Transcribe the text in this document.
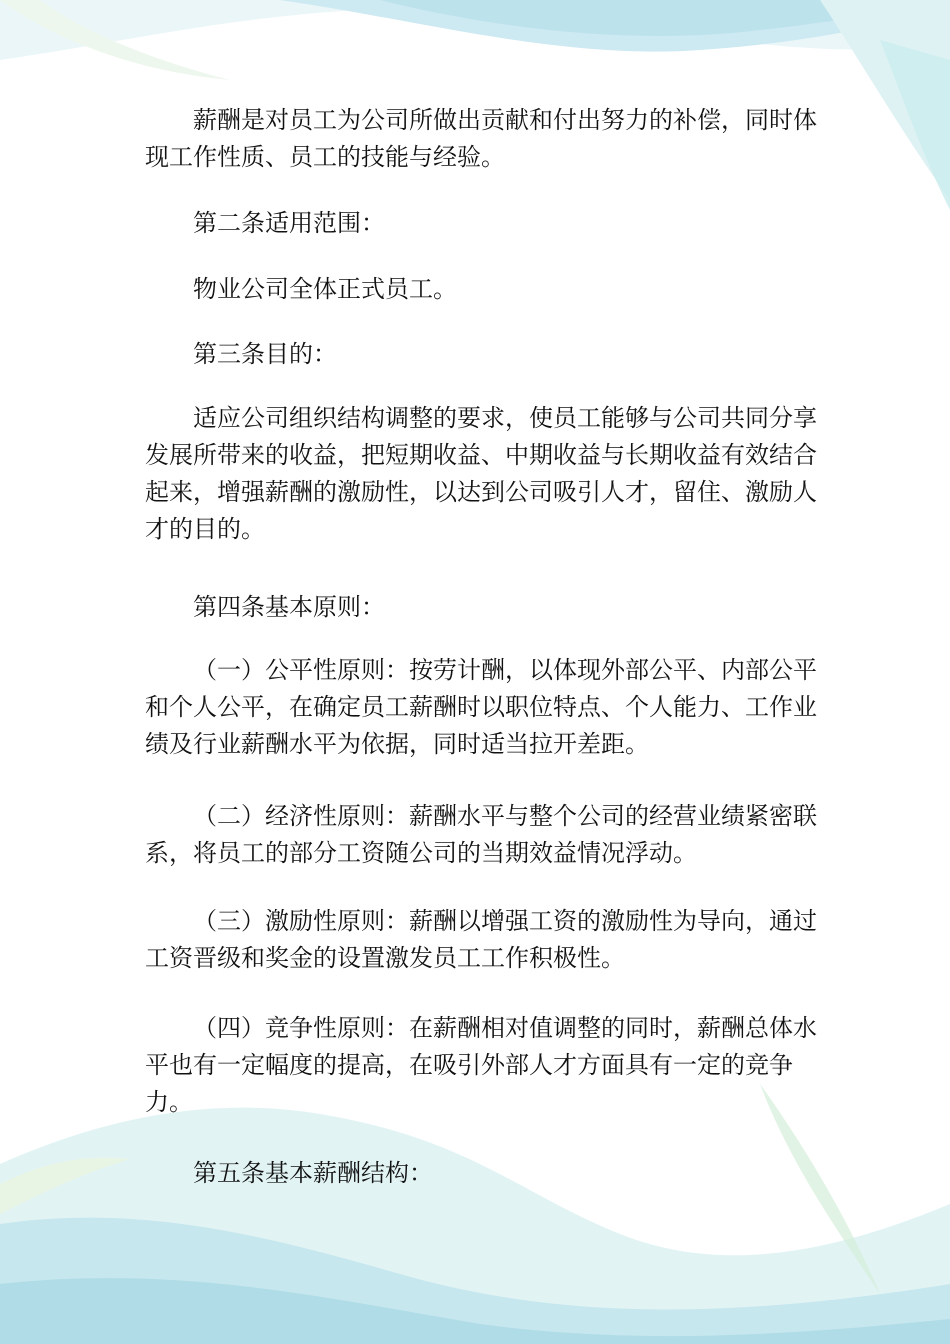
薪酬是对员工为公司所做出贡献和付出努力的补偿，同时体
现工作性质、员工的技能与经验。
第二条适用范围：
物业公司全体正式员工。
第三条目的：
适应公司组织结构调整的要求，使员工能够与公司共同分享
发展所带来的收益，把短期收益、中期收益与长期收益有效结合
起来，增强薪酬的激励性，以达到公司吸引人才，留住、激励人
才的目的。
第四条基本原则：
（一）公平性原则：按劳计酬，以体现外部公平、内部公平
和个人公平，在确定员工薪酬时以职位特点、个人能力、工作业
绩及行业薪酬水平为依据，同时适当拉开差距。
（二）经济性原则：薪酬水平与整个公司的经营业绩紧密联
系，将员工的部分工资随公司的当期效益情况浮动。
（三）激励性原则：薪酬以增强工资的激励性为导向，通过
工资晋级和奖金的设置激发员工工作积极性。
（四）竞争性原则：在薪酬相对值调整的同时，薪酬总体水
平也有一定幅度的提高，在吸引外部人才方面具有一定的竞争
力。
第五条基本薪酬结构：
